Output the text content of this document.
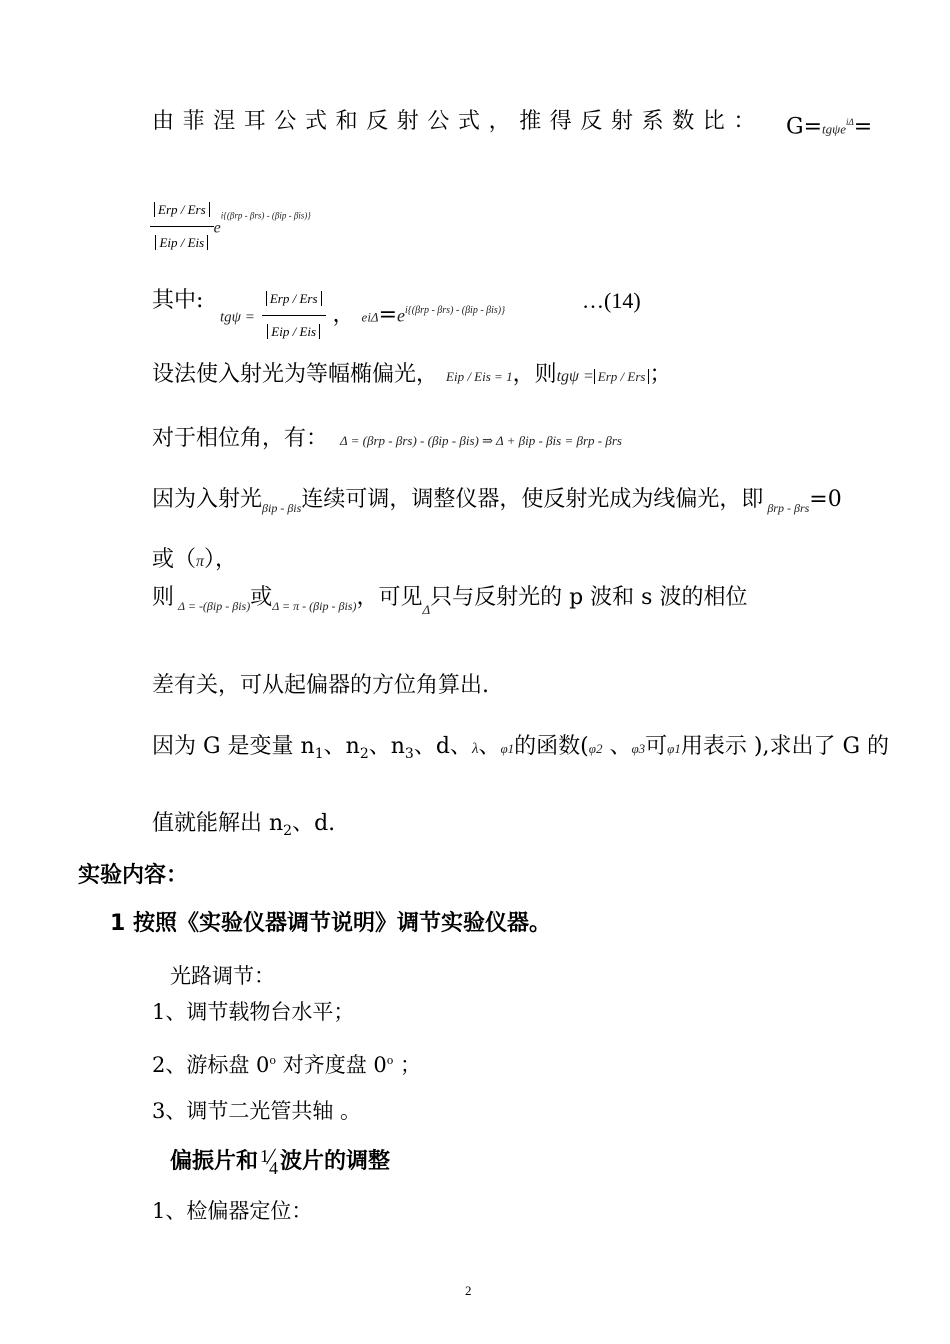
由菲涅耳公式和反射公式，推得反射系数比： G=tgψe$^{i\Delta}$=
$\frac{\text{Erp / Ers}}{\text{Eip / Eis}} e^{i\{(\beta rp - \beta rs) - (\beta ip - \beta is)\}}$
其中:
$tg\psi = \frac{\text{Erp / Ers}}{\text{Eip / Eis}}$ ， $ei\Delta=e^{i\{(\beta rp - \beta rs) - (\beta ip - \beta is)\}}$	…(14)
设法使入射光为等幅椭偏光， Eip / Eis = 1，则tgψ = Erp / Ers ；
对于相位角，有： Δ = (βrp - βrs) - (βip - βis) ⇒ Δ + βip - βis = βrp - βrs
因为入射光$_{\beta ip - \beta is}$连续可调，调整仪器，使反射光成为线偏光，即 $_{\beta rp - \beta rs}$=0
或（π），
则 $_{\Delta = -(\beta ip - \beta is)}$或$_{\Delta = \pi - (\beta ip - \beta is)}$，可见$_\Delta$只与反射光的 p 波和 s 波的相位
差有关，可从起偏器的方位角算出.
因为 G 是变量 $n_1$、$n_2$、$n_3$、d、λ、φ1的函数(φ2 、φ3可φ1用表示 ),求出了 G 的
值就能解出 $n_2$、d.
实验内容：
1 按照《实验仪器调节说明》调节实验仪器。
光路调节：
1、调节载物台水平；
2、游标盘 0$^o$ 对齐度盘 0$^o$ ；
3、调节二光管共轴 。
偏振片和 1
4 波片的调整
1、检偏器定位：
2
